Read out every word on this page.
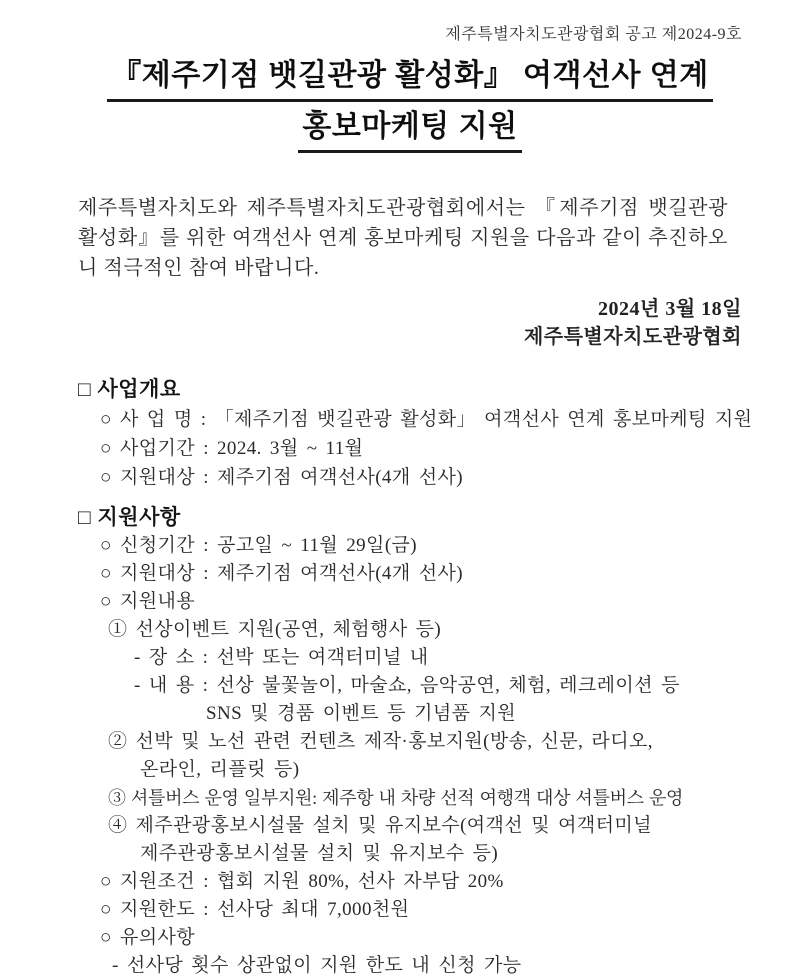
제주특별자치도관광협회 공고 제2024-9호
『제주기점 뱃길관광 활성화』 여객선사 연계
홍보마케팅 지원
제주특별자치도와 제주특별자치도관광협회에서는 『제주기점 뱃길관광 활성화』를 위한 여객선사 연계 홍보마케팅 지원을 다음과 같이 추진하오니 적극적인 참여 바랍니다.
2024년 3월 18일
제주특별자치도관광협회
□ 사업개요
○ 사 업 명 : 「제주기점 뱃길관광 활성화」 여객선사 연계 홍보마케팅 지원
○ 사업기간 : 2024. 3월 ~ 11월
○ 지원대상 : 제주기점 여객선사(4개 선사)
□ 지원사항
○ 신청기간 : 공고일 ~ 11월 29일(금)
○ 지원대상 : 제주기점 여객선사(4개 선사)
○ 지원내용
① 선상이벤트 지원(공연, 체험행사 등)
- 장 소 : 선박 또는 여객터미널 내
- 내 용 : 선상 불꽃놀이, 마술쇼, 음악공연, 체험, 레크레이션 등
SNS 및 경품 이벤트 등 기념품 지원
② 선박 및 노선 관련 컨텐츠 제작·홍보지원(방송, 신문, 라디오,
온라인, 리플릿 등)
③ 셔틀버스 운영 일부지원: 제주항 내 차량 선적 여행객 대상 셔틀버스 운영
④ 제주관광홍보시설물 설치 및 유지보수(여객선 및 여객터미널
제주관광홍보시설물 설치 및 유지보수 등)
○ 지원조건 : 협회 지원 80%, 선사 자부담 20%
○ 지원한도 : 선사당 최대 7,000천원
○ 유의사항
- 선사당 횟수 상관없이 지원 한도 내 신청 가능
